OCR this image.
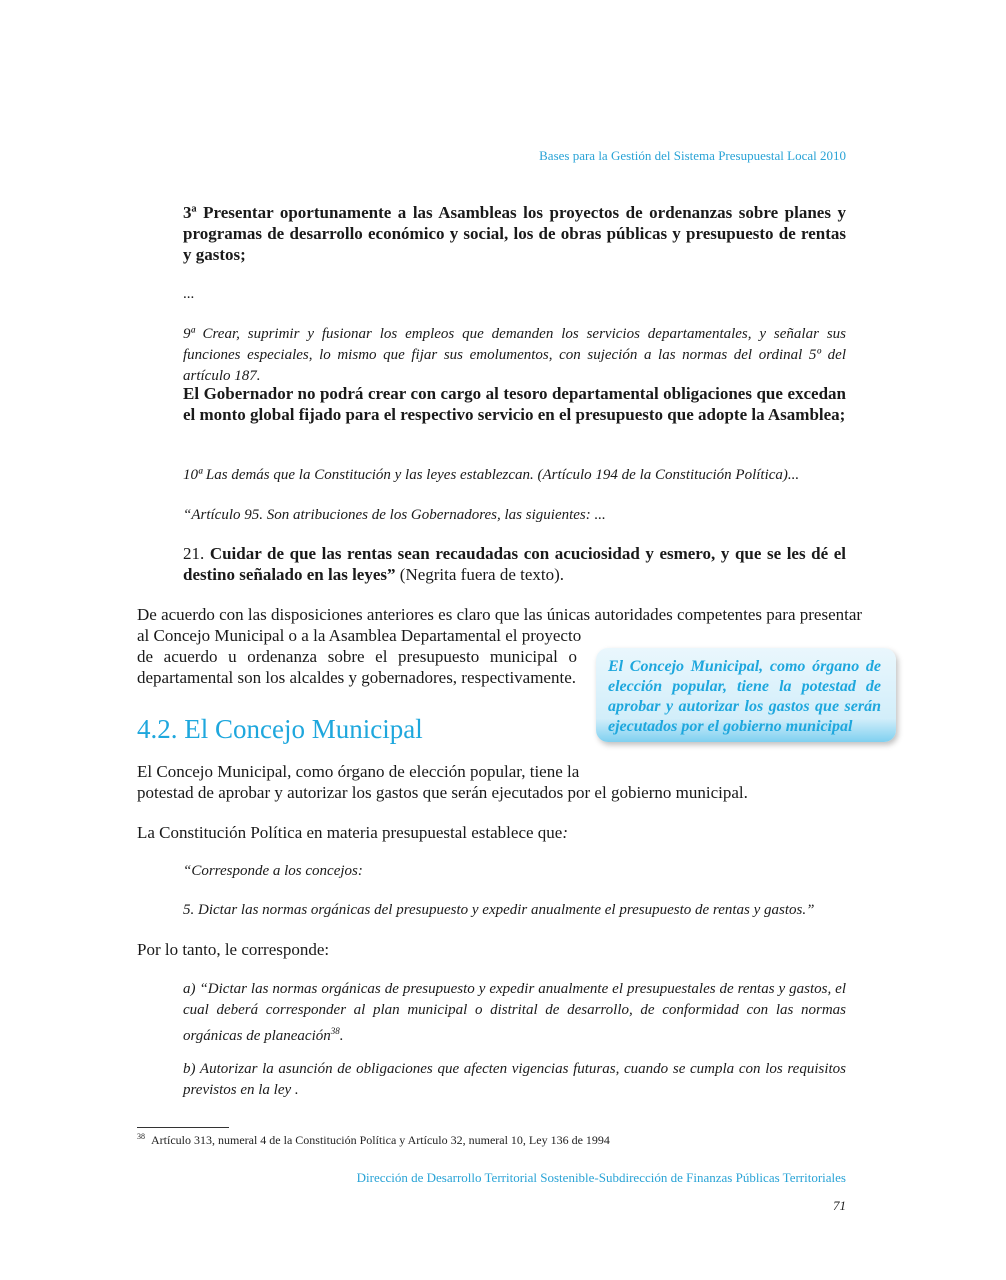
Bases para la Gestión del Sistema Presupuestal Local 2010
3ª Presentar oportunamente a las Asambleas los proyectos de ordenanzas sobre planes y programas de desarrollo económico y social, los de obras públicas y presupuesto de rentas y gastos;
...
9ª Crear, suprimir y fusionar los empleos que demanden los servicios departamentales, y señalar sus funciones especiales, lo mismo que fijar sus emolumentos, con sujeción a las normas del ordinal 5º del artículo 187.
El Gobernador no podrá crear con cargo al tesoro departamental obligaciones que excedan el monto global fijado para el respectivo servicio en el presupuesto que adopte la Asamblea;
10ª Las demás que la Constitución y las leyes establezcan. (Artículo 194 de la Constitución Política)...
“Artículo 95. Son atribuciones de los Gobernadores, las siguientes: ...
21. Cuidar de que las rentas sean recaudadas con acuciosidad y esmero, y que se les dé el destino señalado en las leyes” (Negrita fuera de texto).
De acuerdo con las disposiciones anteriores es claro que las únicas autoridades competentes para presentar
al Concejo Municipal o a la Asamblea Departamental el proyecto
de acuerdo u ordenanza sobre el presupuesto municipal o
departamental son los alcaldes y gobernadores, respectivamente.
El Concejo Municipal, como órgano de elección popular, tiene la potestad de aprobar y autorizar los gastos que serán ejecutados por el gobierno municipal
4.2. El Concejo Municipal
El Concejo Municipal, como órgano de elección popular, tiene la
potestad de aprobar y autorizar los gastos que serán ejecutados por el gobierno municipal.
La Constitución Política en materia presupuestal establece que:
“Corresponde a los concejos:
5. Dictar las normas orgánicas del presupuesto y expedir anualmente el presupuesto de rentas y gastos.”
Por lo tanto, le corresponde:
a) “Dictar las normas orgánicas de presupuesto y expedir anualmente el presupuestales de rentas y gastos, el cual deberá corresponder al plan municipal o distrital de desarrollo, de conformidad con las normas orgánicas de planeación$^{38}$.
b) Autorizar la asunción de obligaciones que afecten vigencias futuras, cuando se cumpla con los requisitos previstos en la ley .
$^{38}$ Artículo 313, numeral 4 de la Constitución Política y Artículo 32, numeral 10, Ley 136 de 1994
Dirección de Desarrollo Territorial Sostenible-Subdirección de Finanzas Públicas Territoriales
71
